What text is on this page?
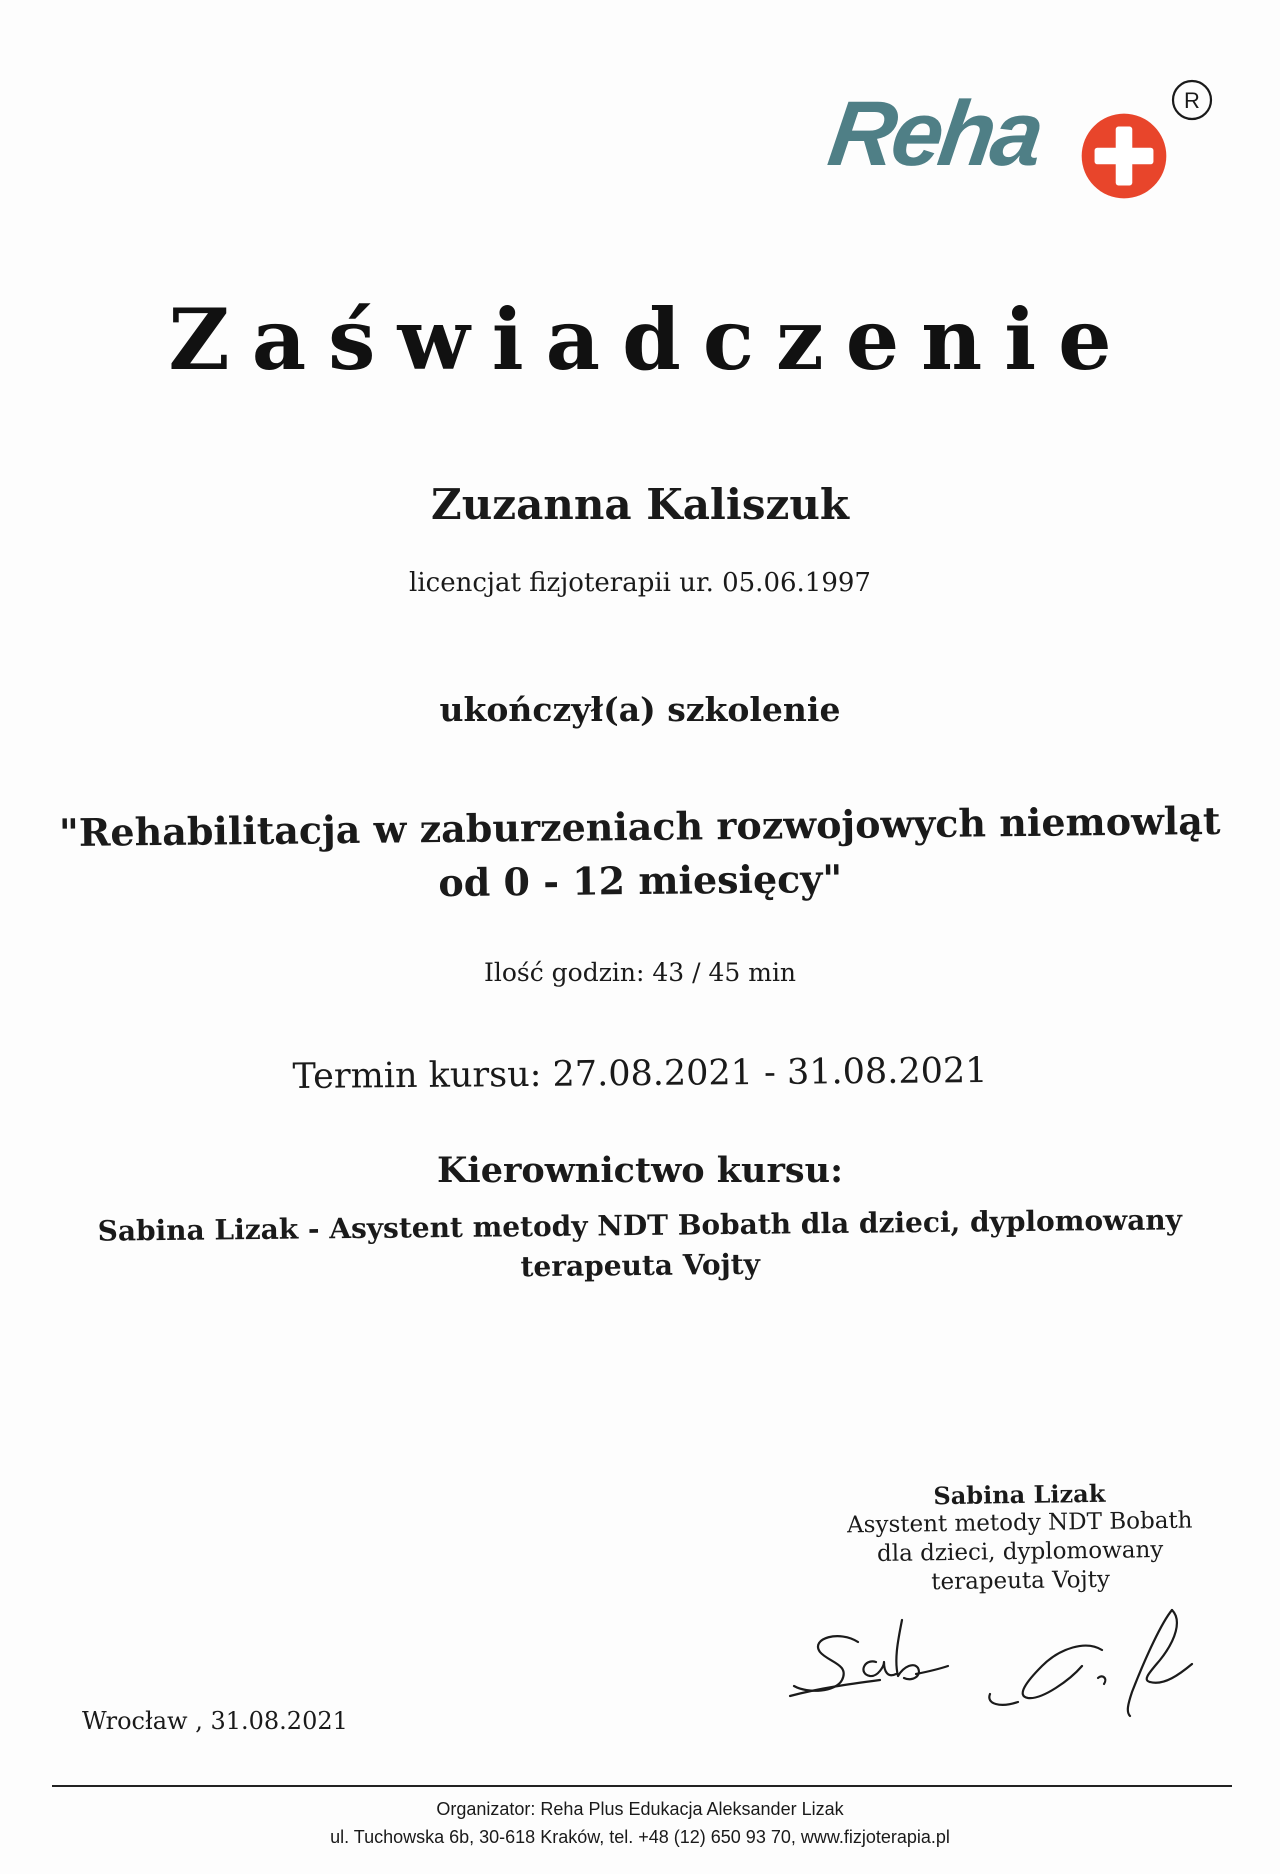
Reha	R
Zaświadczenie
Zuzanna Kaliszuk
licencjat fizjoterapii ur. 05.06.1997
ukończył(a) szkolenie
"Rehabilitacja w zaburzeniach rozwojowych niemowląt
od 0 - 12 miesięcy"
Ilość godzin: 43 / 45 min
Termin kursu: 27.08.2021 - 31.08.2021
Kierownictwo kursu:
Sabina Lizak - Asystent metody NDT Bobath dla dzieci, dyplomowany
terapeuta Vojty
Sabina Lizak
Asystent metody NDT Bobath
dla dzieci, dyplomowany
terapeuta Vojty
Wrocław , 31.08.2021
Organizator: Reha Plus Edukacja Aleksander Lizak
ul. Tuchowska 6b, 30-618 Kraków, tel. +48 (12) 650 93 70, www.fizjoterapia.pl
